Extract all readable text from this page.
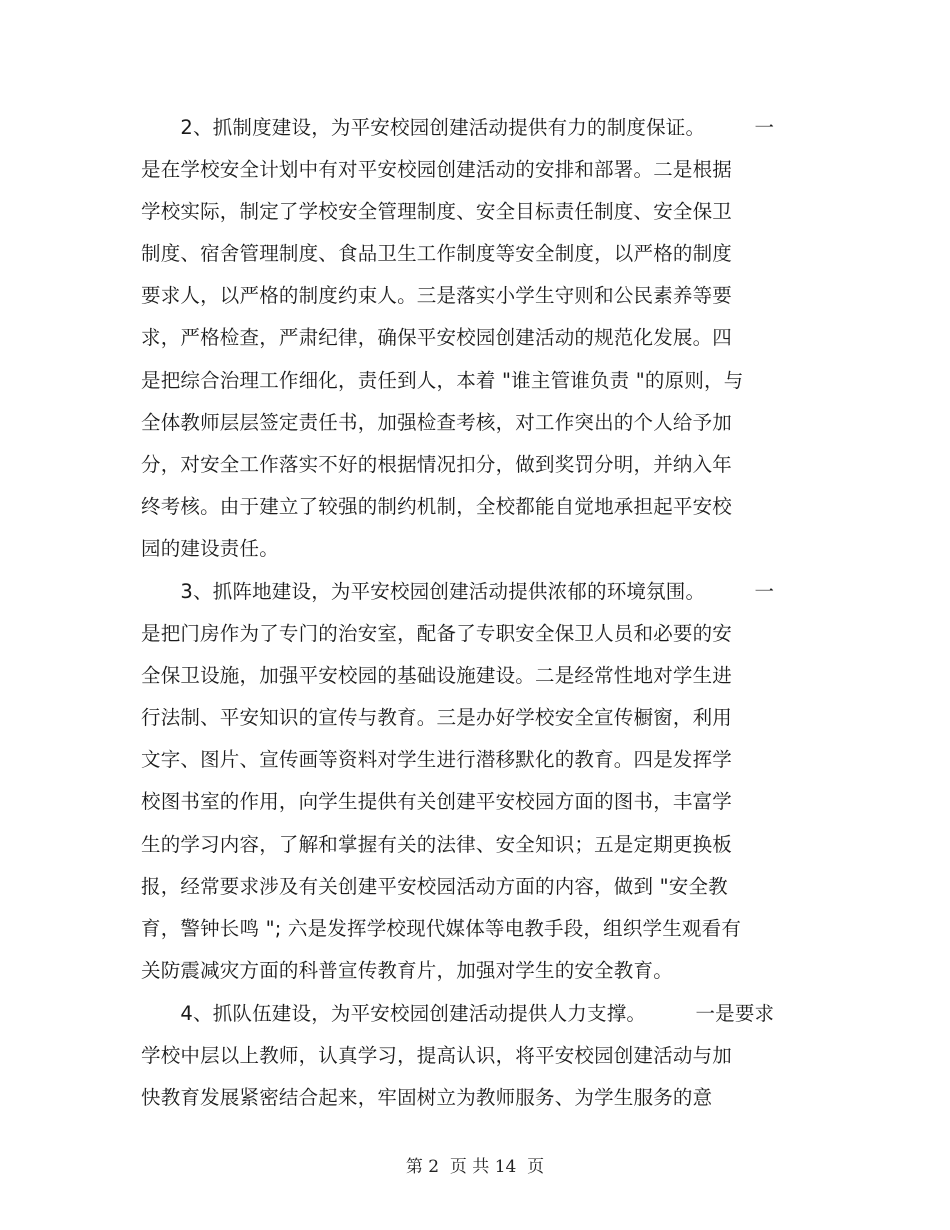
　　2、抓制度建设，为平安校园创建活动提供有力的制度保证。　　　一
是在学校安全计划中有对平安校园创建活动的安排和部署。二是根据
学校实际，制定了学校安全管理制度、安全目标责任制度、安全保卫
制度、宿舍管理制度、食品卫生工作制度等安全制度，以严格的制度
要求人，以严格的制度约束人。三是落实小学生守则和公民素养等要
求，严格检查，严肃纪律，确保平安校园创建活动的规范化发展。四
是把综合治理工作细化，责任到人，本着 "谁主管谁负责 "的原则，与
全体教师层层签定责任书，加强检查考核，对工作突出的个人给予加
分，对安全工作落实不好的根据情况扣分，做到奖罚分明，并纳入年
终考核。由于建立了较强的制约机制，全校都能自觉地承担起平安校
园的建设责任。
　　3、抓阵地建设，为平安校园创建活动提供浓郁的环境氛围。　　　一
是把门房作为了专门的治安室，配备了专职安全保卫人员和必要的安
全保卫设施，加强平安校园的基础设施建设。二是经常性地对学生进
行法制、平安知识的宣传与教育。三是办好学校安全宣传橱窗，利用
文字、图片、宣传画等资料对学生进行潜移默化的教育。四是发挥学
校图书室的作用，向学生提供有关创建平安校园方面的图书，丰富学
生的学习内容，了解和掌握有关的法律、安全知识；五是定期更换板
报，经常要求涉及有关创建平安校园活动方面的内容，做到 "安全教
育，警钟长鸣 "; 六是发挥学校现代媒体等电教手段，组织学生观看有
关防震减灾方面的科普宣传教育片，加强对学生的安全教育。
　　4、抓队伍建设，为平安校园创建活动提供人力支撑。　　　一是要求
学校中层以上教师，认真学习，提高认识，将平安校园创建活动与加
快教育发展紧密结合起来，牢固树立为教师服务、为学生服务的意
第 2  页 共 14  页
